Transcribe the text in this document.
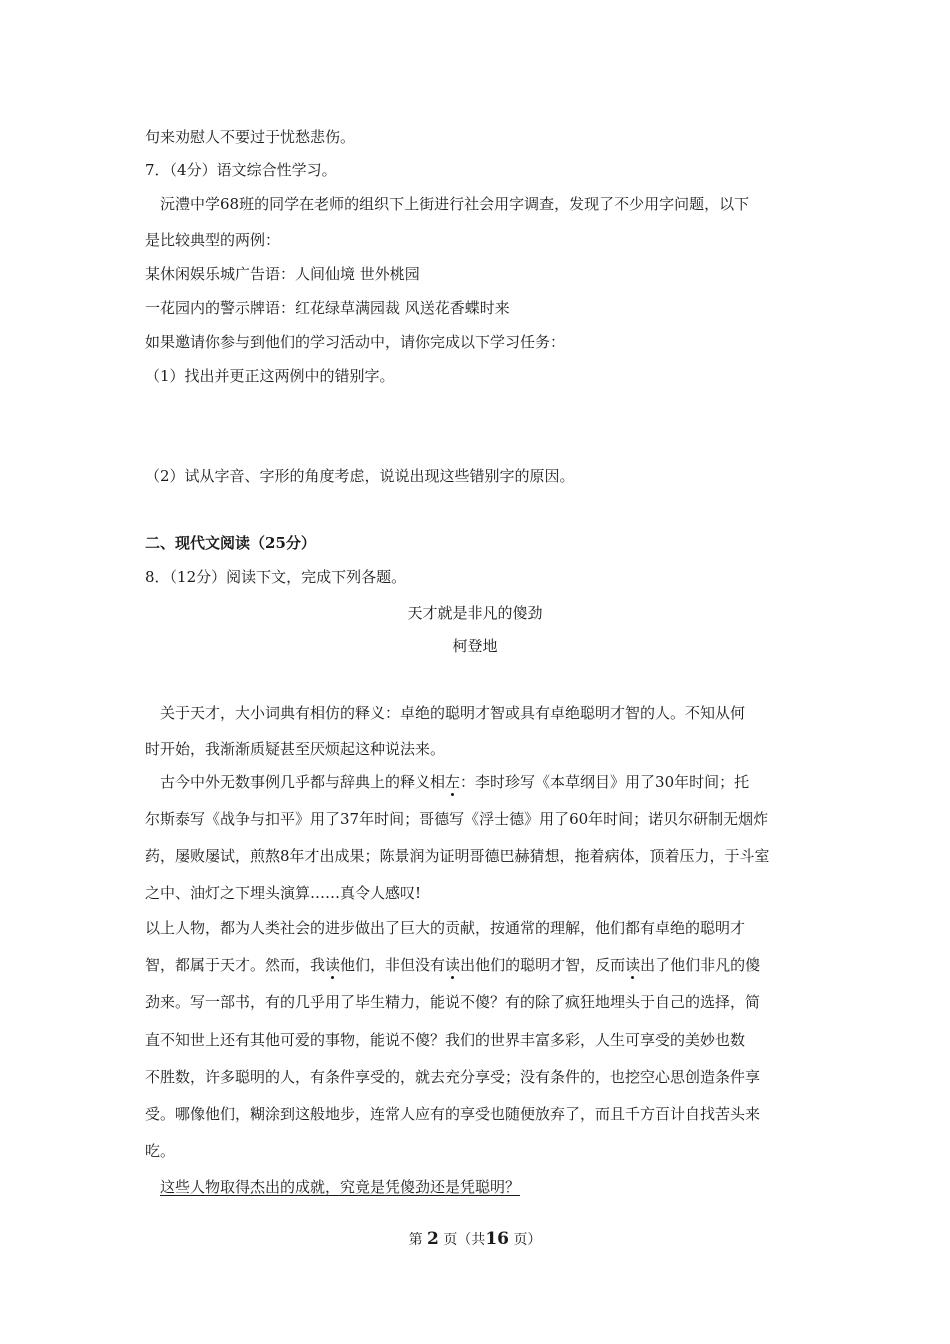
句来劝慰人不要过于忧愁悲伤。
7．（4分）语文综合性学习。
沅澧中学68班的同学在老师的组织下上街进行社会用字调查，发现了不少用字问题，以下
是比较典型的两例：
某休闲娱乐城广告语：人间仙境 世外桃园
一花园内的警示牌语：红花绿草满园裁 风送花香蝶时来
如果邀请你参与到他们的学习活动中，请你完成以下学习任务：
（1）找出并更正这两例中的错别字。
（2）试从字音、字形的角度考虑，说说出现这些错别字的原因。
二、现代文阅读（25分）
8．（12分）阅读下文，完成下列各题。
天才就是非凡的傻劲
柯登地
关于天才，大小词典有相仿的释义：卓绝的聪明才智或具有卓绝聪明才智的人。不知从何
时开始，我渐渐质疑甚至厌烦起这种说法来。
古今中外无数事例几乎都与辞典上的释义相左：李时珍写《本草纲目》用了30年时间；托
尔斯泰写《战争与扣平》用了37年时间；哥德写《浮士德》用了60年时间；诺贝尔研制无烟炸
药，屡败屡试，煎熬8年才出成果；陈景润为证明哥德巴赫猜想，拖着病体，顶着压力，于斗室
之中、油灯之下埋头演算……真令人感叹!
以上人物，都为人类社会的进步做出了巨大的贡献，按通常的理解，他们都有卓绝的聪明才
智，都属于天才。然而，我读他们，非但没有读出他们的聪明才智，反而读出了他们非凡的傻
劲来。写一部书，有的几乎用了毕生精力，能说不傻？有的除了疯狂地埋头于自己的选择，简
直不知世上还有其他可爱的事物，能说不傻？我们的世界丰富多彩，人生可享受的美妙也数
不胜数，许多聪明的人，有条件享受的，就去充分享受；没有条件的，也挖空心思创造条件享
受。哪像他们，糊涂到这般地步，连常人应有的享受也随便放弃了，而且千方百计自找苦头来
吃。
这些人物取得杰出的成就，究竟是凭傻劲还是凭聪明？
第 2 页（共16 页）
